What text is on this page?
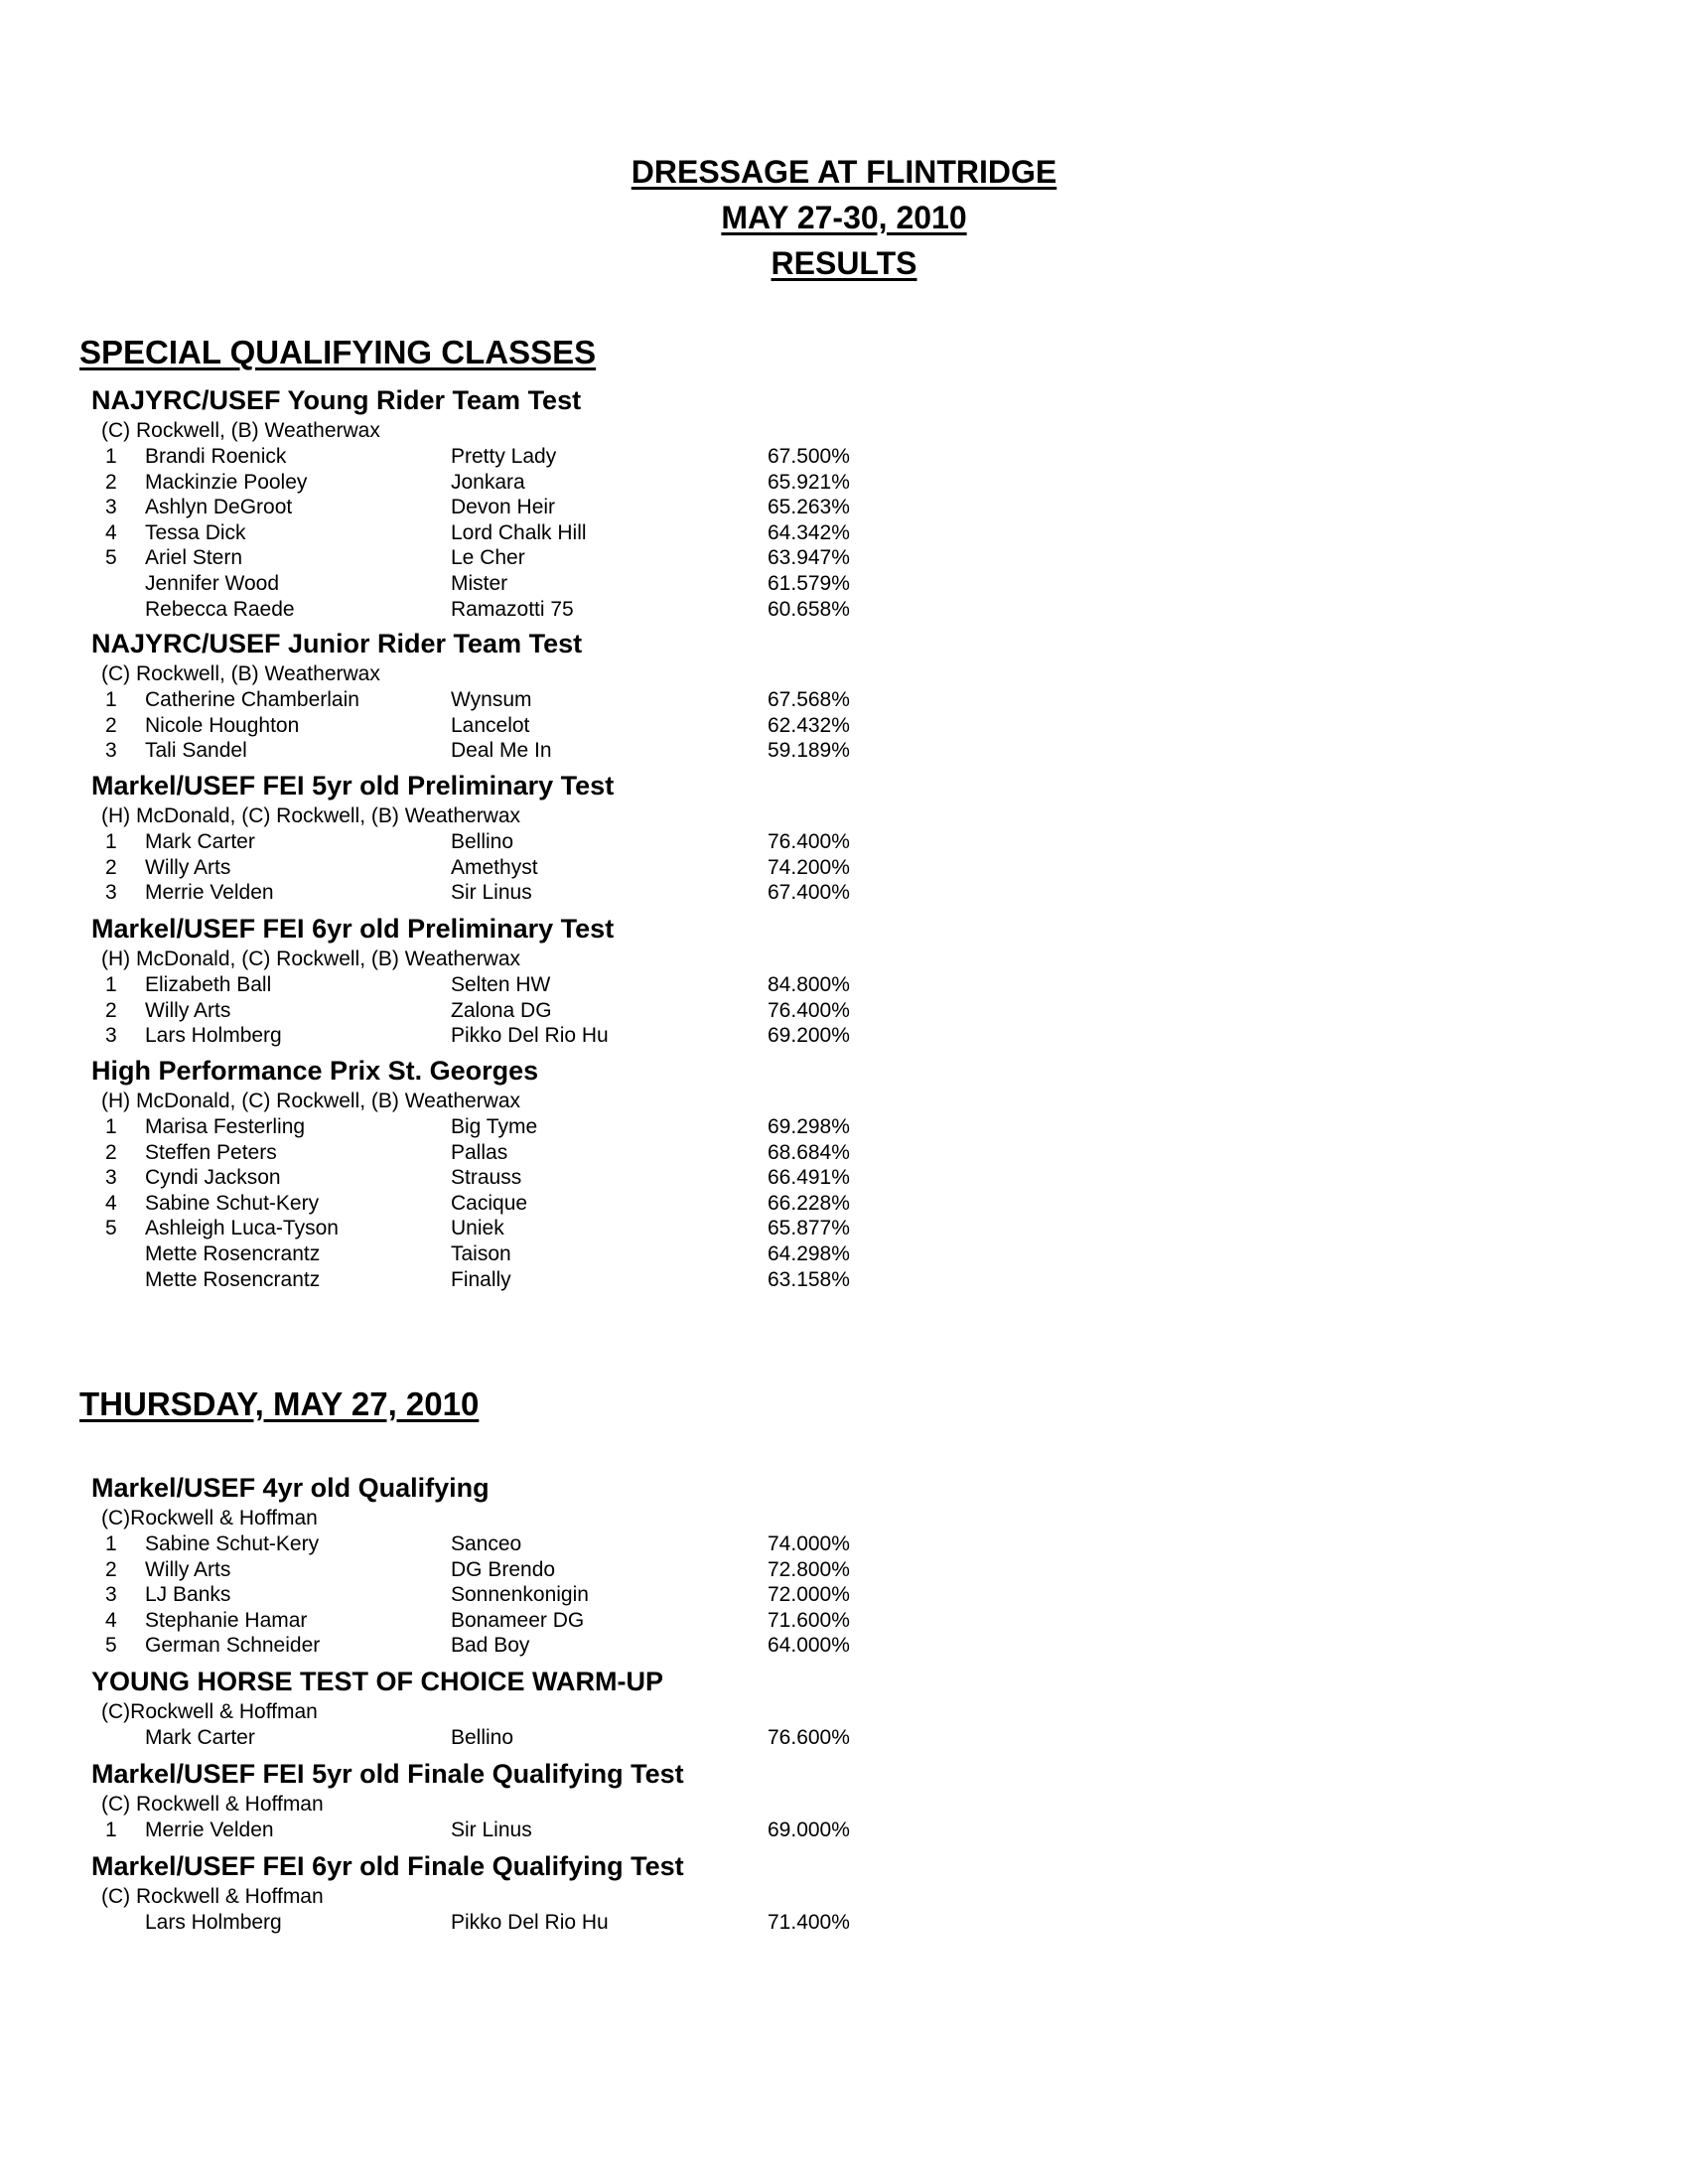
DRESSAGE AT FLINTRIDGE
MAY 27-30, 2010
RESULTS
SPECIAL QUALIFYING CLASSES
NAJYRC/USEF Young Rider Team Test
(C) Rockwell, (B) Weatherwax
1 Brandi Roenick	Pretty Lady	67.500%
2 Mackinzie Pooley	Jonkara	65.921%
3 Ashlyn DeGroot	Devon Heir	65.263%
4 Tessa Dick	Lord Chalk Hill	64.342%
5 Ariel Stern	Le Cher	63.947%
Jennifer Wood	Mister	61.579%
Rebecca Raede	Ramazotti 75	60.658%
NAJYRC/USEF Junior Rider Team Test
(C) Rockwell, (B) Weatherwax
1 Catherine Chamberlain	Wynsum	67.568%
2 Nicole Houghton	Lancelot	62.432%
3 Tali Sandel	Deal Me In	59.189%
Markel/USEF FEI 5yr old Preliminary Test
(H) McDonald, (C) Rockwell, (B) Weatherwax
1 Mark Carter	Bellino	76.400%
2 Willy Arts	Amethyst	74.200%
3 Merrie Velden	Sir Linus	67.400%
Markel/USEF FEI 6yr old Preliminary Test
(H) McDonald, (C) Rockwell, (B) Weatherwax
1 Elizabeth Ball	Selten HW	84.800%
2 Willy Arts	Zalona DG	76.400%
3 Lars Holmberg	Pikko Del Rio Hu	69.200%
High Performance Prix St. Georges
(H) McDonald, (C) Rockwell, (B) Weatherwax
1 Marisa Festerling	Big Tyme	69.298%
2 Steffen Peters	Pallas	68.684%
3 Cyndi Jackson	Strauss	66.491%
4 Sabine Schut-Kery	Cacique	66.228%
5 Ashleigh Luca-Tyson	Uniek	65.877%
Mette Rosencrantz	Taison	64.298%
Mette Rosencrantz	Finally	63.158%
THURSDAY, MAY 27, 2010
Markel/USEF 4yr old Qualifying
(C)Rockwell & Hoffman
1 Sabine Schut-Kery	Sanceo	74.000%
2 Willy Arts	DG Brendo	72.800%
3 LJ Banks	Sonnenkonigin	72.000%
4 Stephanie Hamar	Bonameer DG	71.600%
5 German Schneider	Bad Boy	64.000%
YOUNG HORSE TEST OF CHOICE WARM-UP
(C)Rockwell & Hoffman
Mark Carter	Bellino	76.600%
Markel/USEF FEI 5yr old Finale Qualifying Test
(C) Rockwell & Hoffman
1 Merrie Velden	Sir Linus	69.000%
Markel/USEF FEI 6yr old Finale Qualifying Test
(C) Rockwell & Hoffman
Lars Holmberg	Pikko Del Rio Hu	71.400%
